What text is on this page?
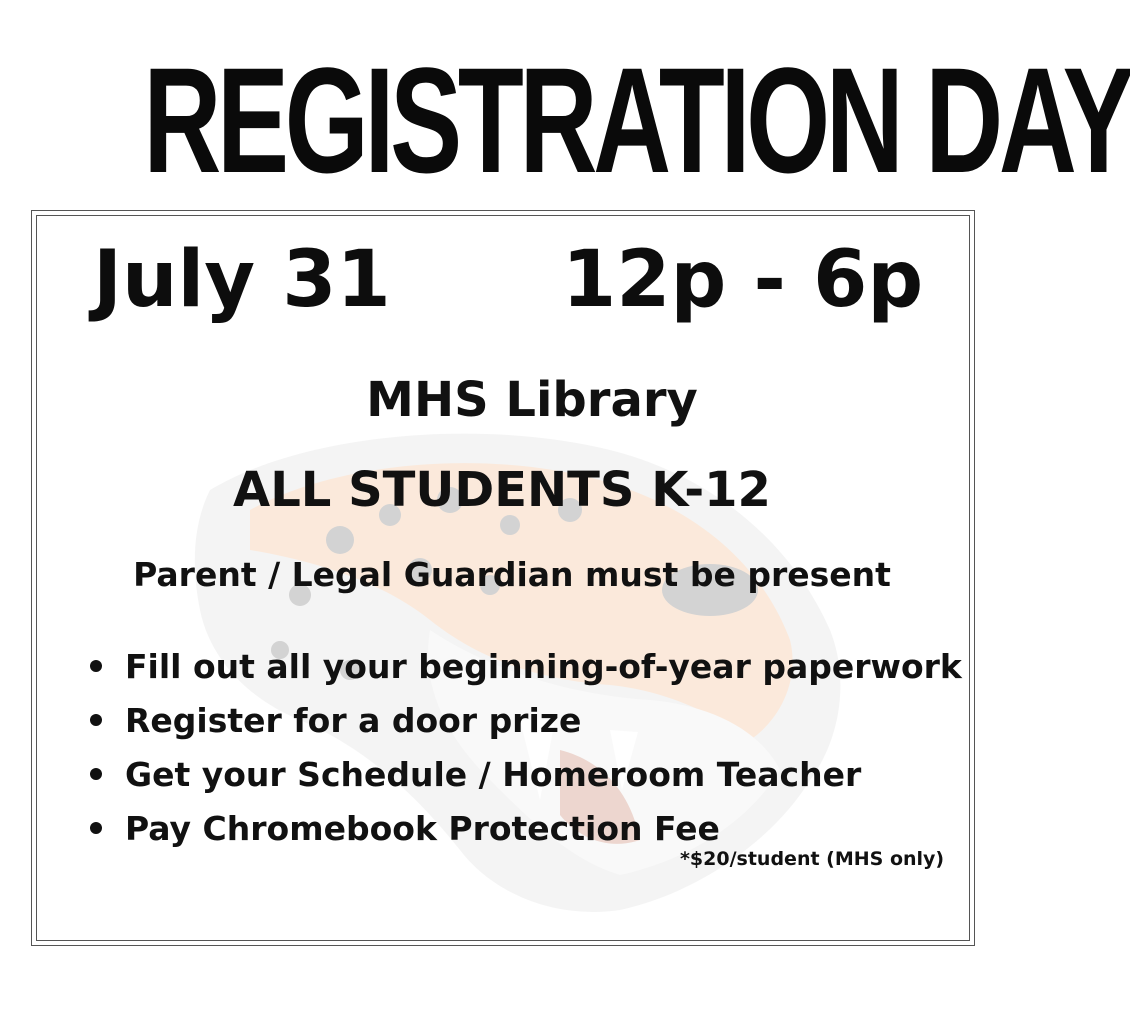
REGISTRATION DAY
July 31 12p - 6p
MHS Library
ALL STUDENTS K-12
Parent / Legal Guardian must be present
Fill out all your beginning-of-year paperwork
Register for a door prize
Get your Schedule / Homeroom Teacher
Pay Chromebook Protection Fee
*$20/student (MHS only)
